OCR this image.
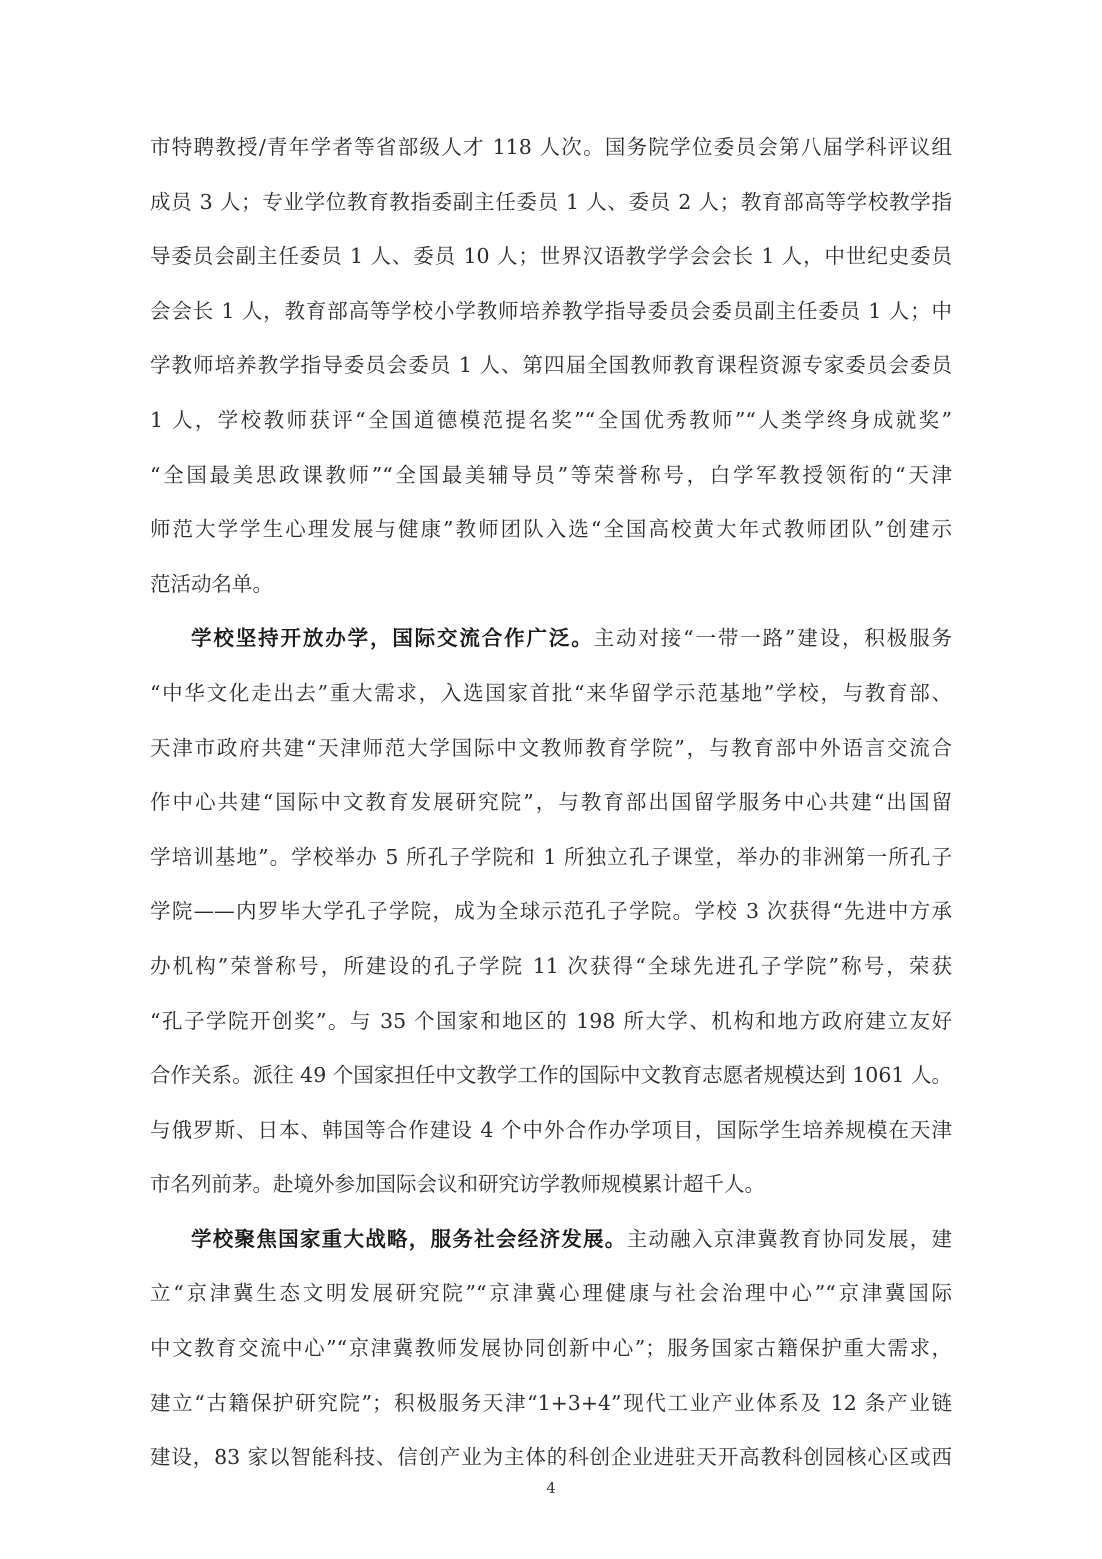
市特聘教授/青年学者等省部级人才 118 人次。国务院学位委员会第八届学科评议组
成员 3 人；专业学位教育教指委副主任委员 1 人、委员 2 人；教育部高等学校教学指
导委员会副主任委员 1 人、委员 10 人；世界汉语教学学会会长 1 人，中世纪史委员
会会长 1 人，教育部高等学校小学教师培养教学指导委员会委员副主任委员 1 人；中
学教师培养教学指导委员会委员 1 人、第四届全国教师教育课程资源专家委员会委员
1 人，学校教师获评“全国道德模范提名奖”“全国优秀教师”“人类学终身成就奖”
“全国最美思政课教师”“全国最美辅导员”等荣誉称号，白学军教授领衔的“天津
师范大学学生心理发展与健康”教师团队入选“全国高校黄大年式教师团队”创建示
范活动名单。
学校坚持开放办学，国际交流合作广泛。主动对接“一带一路”建设，积极服务
“中华文化走出去”重大需求，入选国家首批“来华留学示范基地”学校，与教育部、
天津市政府共建“天津师范大学国际中文教师教育学院”，与教育部中外语言交流合
作中心共建“国际中文教育发展研究院”，与教育部出国留学服务中心共建“出国留
学培训基地”。学校举办 5 所孔子学院和 1 所独立孔子课堂，举办的非洲第一所孔子
学院——内罗毕大学孔子学院，成为全球示范孔子学院。学校 3 次获得“先进中方承
办机构”荣誉称号，所建设的孔子学院 11 次获得“全球先进孔子学院”称号，荣获
“孔子学院开创奖”。与 35 个国家和地区的 198 所大学、机构和地方政府建立友好
合作关系。派往 49 个国家担任中文教学工作的国际中文教育志愿者规模达到 1061 人。
与俄罗斯、日本、韩国等合作建设 4 个中外合作办学项目，国际学生培养规模在天津
市名列前茅。赴境外参加国际会议和研究访学教师规模累计超千人。
学校聚焦国家重大战略，服务社会经济发展。主动融入京津冀教育协同发展，建
立“京津冀生态文明发展研究院”“京津冀心理健康与社会治理中心”“京津冀国际
中文教育交流中心”“京津冀教师发展协同创新中心”；服务国家古籍保护重大需求，
建立“古籍保护研究院”；积极服务天津“1+3+4”现代工业产业体系及 12 条产业链
建设，83 家以智能科技、信创产业为主体的科创企业进驻天开高教科创园核心区或西
4
